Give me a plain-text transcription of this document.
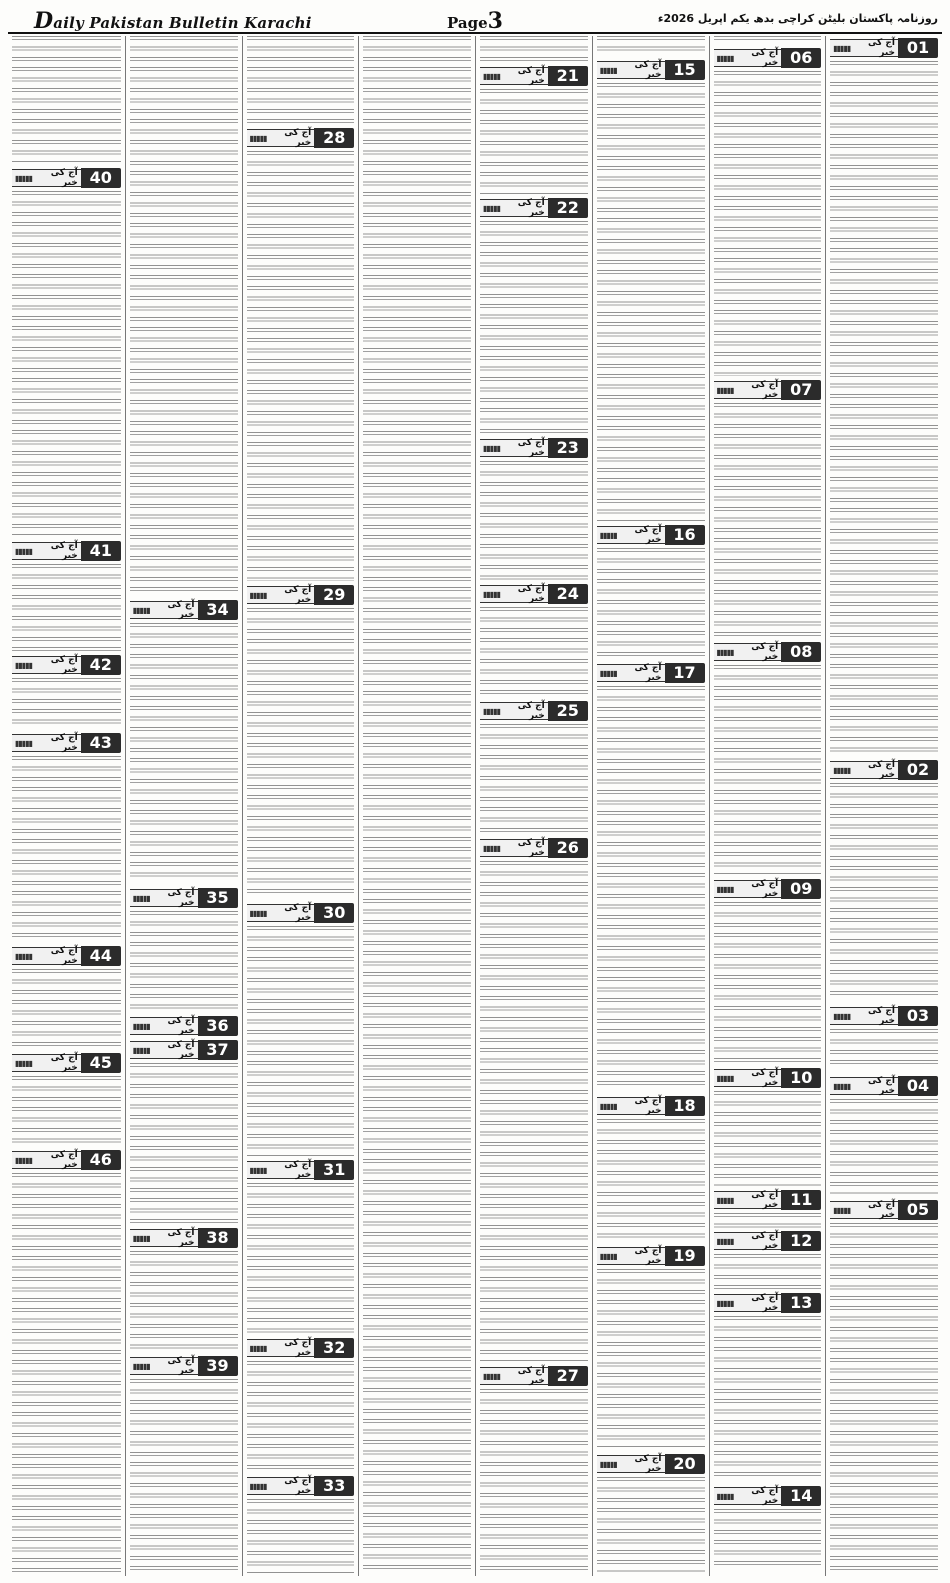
Daily Pakistan Bulletin Karachi	Page3	روزنامہ پاکستان بلیٹن کراچی بدھ یکم اپریل 2026ء
01
آج کی خبر
▮▮▮▮▮
02
آج کی خبر
▮▮▮▮▮
03
آج کی خبر
▮▮▮▮▮
04
آج کی خبر
▮▮▮▮▮
05
آج کی خبر
▮▮▮▮▮
06
آج کی خبر
▮▮▮▮▮
07
آج کی خبر
▮▮▮▮▮
08
آج کی خبر
▮▮▮▮▮
09
آج کی خبر
▮▮▮▮▮
10
آج کی خبر
▮▮▮▮▮
11
آج کی خبر
▮▮▮▮▮
12
آج کی خبر
▮▮▮▮▮
13
آج کی خبر
▮▮▮▮▮
14
آج کی خبر
▮▮▮▮▮
15
آج کی خبر
▮▮▮▮▮
16
آج کی خبر
▮▮▮▮▮
17
آج کی خبر
▮▮▮▮▮
18
آج کی خبر
▮▮▮▮▮
19
آج کی خبر
▮▮▮▮▮
20
آج کی خبر
▮▮▮▮▮
21
آج کی خبر
▮▮▮▮▮
22
آج کی خبر
▮▮▮▮▮
23
آج کی خبر
▮▮▮▮▮
24
آج کی خبر
▮▮▮▮▮
25
آج کی خبر
▮▮▮▮▮
26
آج کی خبر
▮▮▮▮▮
27
آج کی خبر
▮▮▮▮▮
28
آج کی خبر
▮▮▮▮▮
29
آج کی خبر
▮▮▮▮▮
30
آج کی خبر
▮▮▮▮▮
31
آج کی خبر
▮▮▮▮▮
32
آج کی خبر
▮▮▮▮▮
33
آج کی خبر
▮▮▮▮▮
34
آج کی خبر
▮▮▮▮▮
35
آج کی خبر
▮▮▮▮▮
36
آج کی خبر
▮▮▮▮▮
37
آج کی خبر
▮▮▮▮▮
38
آج کی خبر
▮▮▮▮▮
39
آج کی خبر
▮▮▮▮▮
40
آج کی خبر
▮▮▮▮▮
41
آج کی خبر
▮▮▮▮▮
42
آج کی خبر
▮▮▮▮▮
43
آج کی خبر
▮▮▮▮▮
44
آج کی خبر
▮▮▮▮▮
45
آج کی خبر
▮▮▮▮▮
46
آج کی خبر
▮▮▮▮▮
